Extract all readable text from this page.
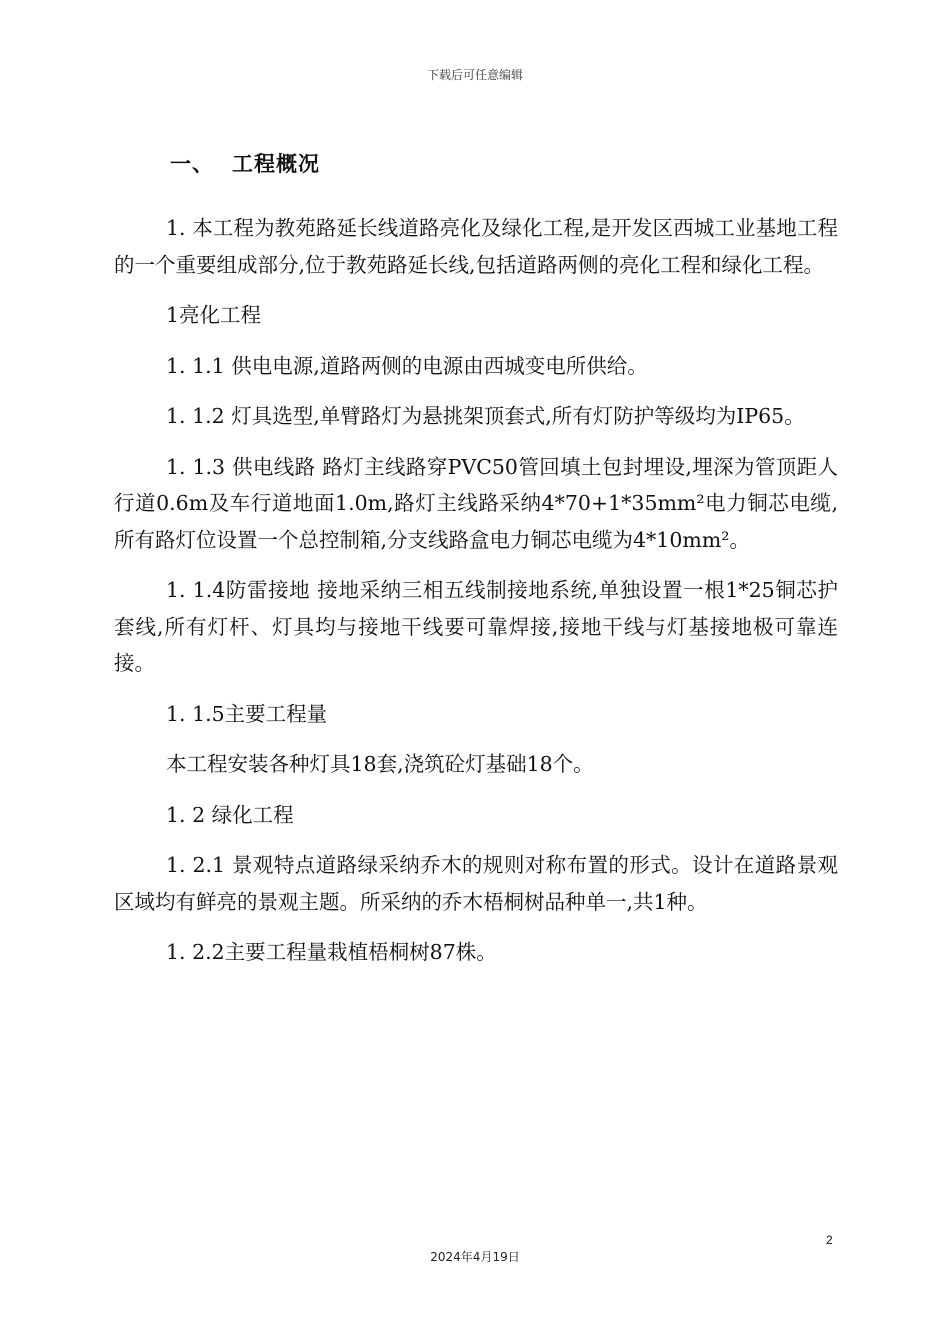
下载后可任意编辑
一、 工程概况

1. 本工程为教苑路延长线道路亮化及绿化工程,是开发区西城工业基地工程的一个重要组成部分,位于教苑路延长线,包括道路两侧的亮化工程和绿化工程。

1亮化工程

1. 1.1 供电电源,道路两侧的电源由西城变电所供给。

1. 1.2 灯具选型,单臂路灯为悬挑架顶套式,所有灯防护等级均为IP65。

1. 1.3 供电线路 路灯主线路穿PVC50管回填土包封埋设,埋深为管顶距人行道0.6m及车行道地面1.0m,路灯主线路采纳4*70+1*35mm²电力铜芯电缆,所有路灯位设置一个总控制箱,分支线路盒电力铜芯电缆为4*10mm²。

1. 1.4防雷接地 接地采纳三相五线制接地系统,单独设置一根1*25铜芯护套线,所有灯杆、灯具均与接地干线要可靠焊接,接地干线与灯基接地极可靠连接。

1. 1.5主要工程量

本工程安装各种灯具18套,浇筑砼灯基础18个。

1. 2 绿化工程

1. 2.1 景观特点道路绿采纳乔木的规则对称布置的形式。设计在道路景观区域均有鲜亮的景观主题。所采纳的乔木梧桐树品种单一,共1种。

1. 2.2主要工程量栽植梧桐树87株。

2
2024年4月19日
